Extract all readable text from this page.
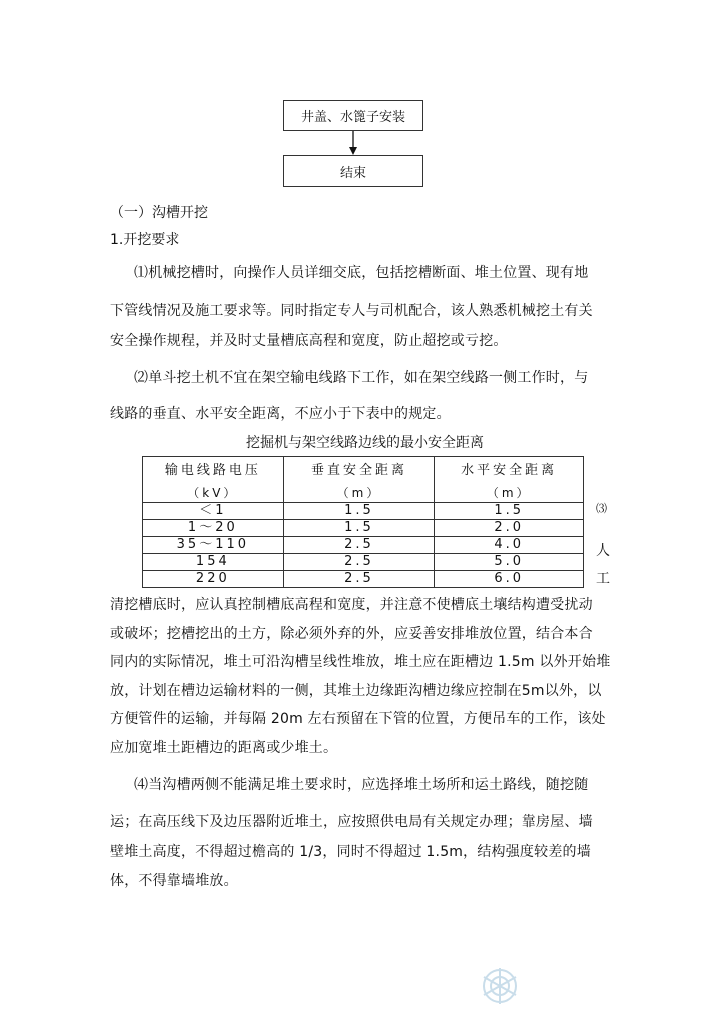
井盖、水篦子安装
结束
（一）沟槽开挖
1.开挖要求
⑴机械挖槽时，向操作人员详细交底，包括挖槽断面、堆土位置、现有地
下管线情况及施工要求等。同时指定专人与司机配合，该人熟悉机械挖土有关
安全操作规程，并及时丈量槽底高程和宽度，防止超挖或亏挖。
⑵单斗挖土机不宜在架空输电线路下工作，如在架空线路一侧工作时，与
线路的垂直、水平安全距离，不应小于下表中的规定。
挖掘机与架空线路边线的最小安全距离
输电线路电压	垂直安全距离	水平安全距离
（kV）	（m）	（m）
＜1	1.5	1.5
1～20	1.5	2.0
35～110	2.5	4.0
154	2.5	5.0
220	2.5	6.0
⑶
人
工
清挖槽底时，应认真控制槽底高程和宽度，并注意不使槽底土壤结构遭受扰动
或破坏；挖槽挖出的土方，除必须外弃的外，应妥善安排堆放位置，结合本合
同内的实际情况，堆土可沿沟槽呈线性堆放，堆土应在距槽边 1.5m 以外开始堆
放，计划在槽边运输材料的一侧，其堆土边缘距沟槽边缘应控制在5m以外，以
方便管件的运输，并每隔 20m 左右预留在下管的位置，方便吊车的工作，该处
应加宽堆土距槽边的距离或少堆土。
⑷当沟槽两侧不能满足堆土要求时，应选择堆土场所和运土路线，随挖随
运；在高压线下及边压器附近堆土，应按照供电局有关规定办理；靠房屋、墙
壁堆土高度，不得超过檐高的 1/3，同时不得超过 1.5m，结构强度较差的墙
体，不得靠墙堆放。
